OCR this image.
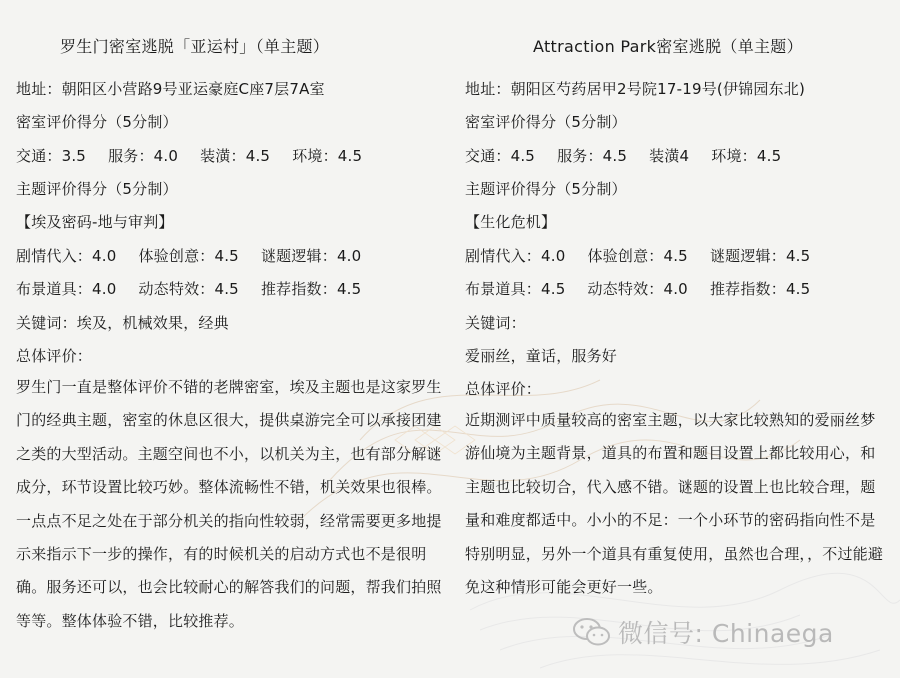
罗生门密室逃脱「亚运村」（单主题）
地址：朝阳区小营路9号亚运豪庭C座7层7A室
密室评价得分（5分制）
交通：3.5 服务：4.0 装潢：4.5 环境：4.5
主题评价得分（5分制）
【埃及密码-地与审判】
剧情代入：4.0 体验创意：4.5 谜题逻辑：4.0
布景道具：4.0 动态特效：4.5 推荐指数：4.5
关键词：埃及，机械效果，经典
总体评价：
罗生门一直是整体评价不错的老牌密室，埃及主题也是这家罗生门的经典主题，密室的休息区很大，提供桌游完全可以承接团建之类的大型活动。主题空间也不小，以机关为主，也有部分解谜成分，环节设置比较巧妙。整体流畅性不错，机关效果也很棒。一点点不足之处在于部分机关的指向性较弱，经常需要更多地提示来指示下一步的操作，有的时候机关的启动方式也不是很明确。服务还可以，也会比较耐心的解答我们的问题，帮我们拍照等等。整体体验不错，比较推荐。
Attraction Park密室逃脱（单主题）
地址：朝阳区芍药居甲2号院17-19号(伊锦园东北)
密室评价得分（5分制）
交通：4.5 服务：4.5 装潢4 环境：4.5
主题评价得分（5分制）
【生化危机】
剧情代入：4.0 体验创意：4.5 谜题逻辑：4.5
布景道具：4.5 动态特效：4.0 推荐指数：4.5
关键词：
爱丽丝，童话，服务好
总体评价：
近期测评中质量较高的密室主题，以大家比较熟知的爱丽丝梦游仙境为主题背景，道具的布置和题目设置上都比较用心，和主题也比较切合，代入感不错。谜题的设置上也比较合理，题量和难度都适中。小小的不足：一个小环节的密码指向性不是特别明显，另外一个道具有重复使用，虽然也合理，，不过能避免这种情形可能会更好一些。
微信号: Chinaega
